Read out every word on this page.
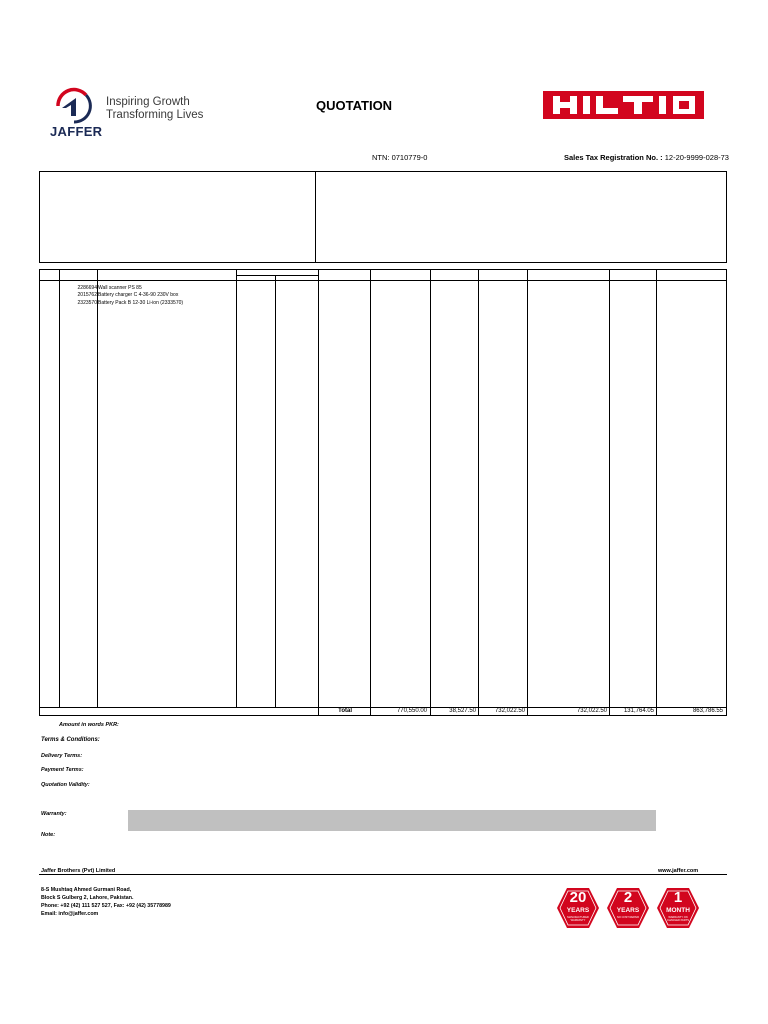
Inspiring Growth
Transforming Lives
JAFFER
QUOTATION
NTN: 0710779-0	Sales Tax Registration No. : 12-20-9999-028-73
2286694 Wall scanner PS 85
2015762 Battery charger C 4-36-90 230V box
2323570 Battery Pack B 12-30 Li-ion (2333570)
Total	770,550.00	38,527.50	732,022.50	732,022.50	131,764.05	863,786.55
Amount in words PKR:
Terms & Conditions:
Delivery Terms:
Payment Terms:
Quotation Validity:
Warranty:
Note:
Jaffer Brothers (Pvt) Limited	www.jaffer.com
8-S Mushtaq Ahmed Gurmani Road,
Block S Gulberg 2, Lahore, Pakistan.
Phone: +92 (42) 111 527 527, Fax: +92 (42) 35778989
Email: info@jaffer.com
20
YEARS
MANUFACTURER WARRANTY
2
YEARS
NO COST REPAIR
1
MONTH
WARRANTY ON CHANGED PARTS
